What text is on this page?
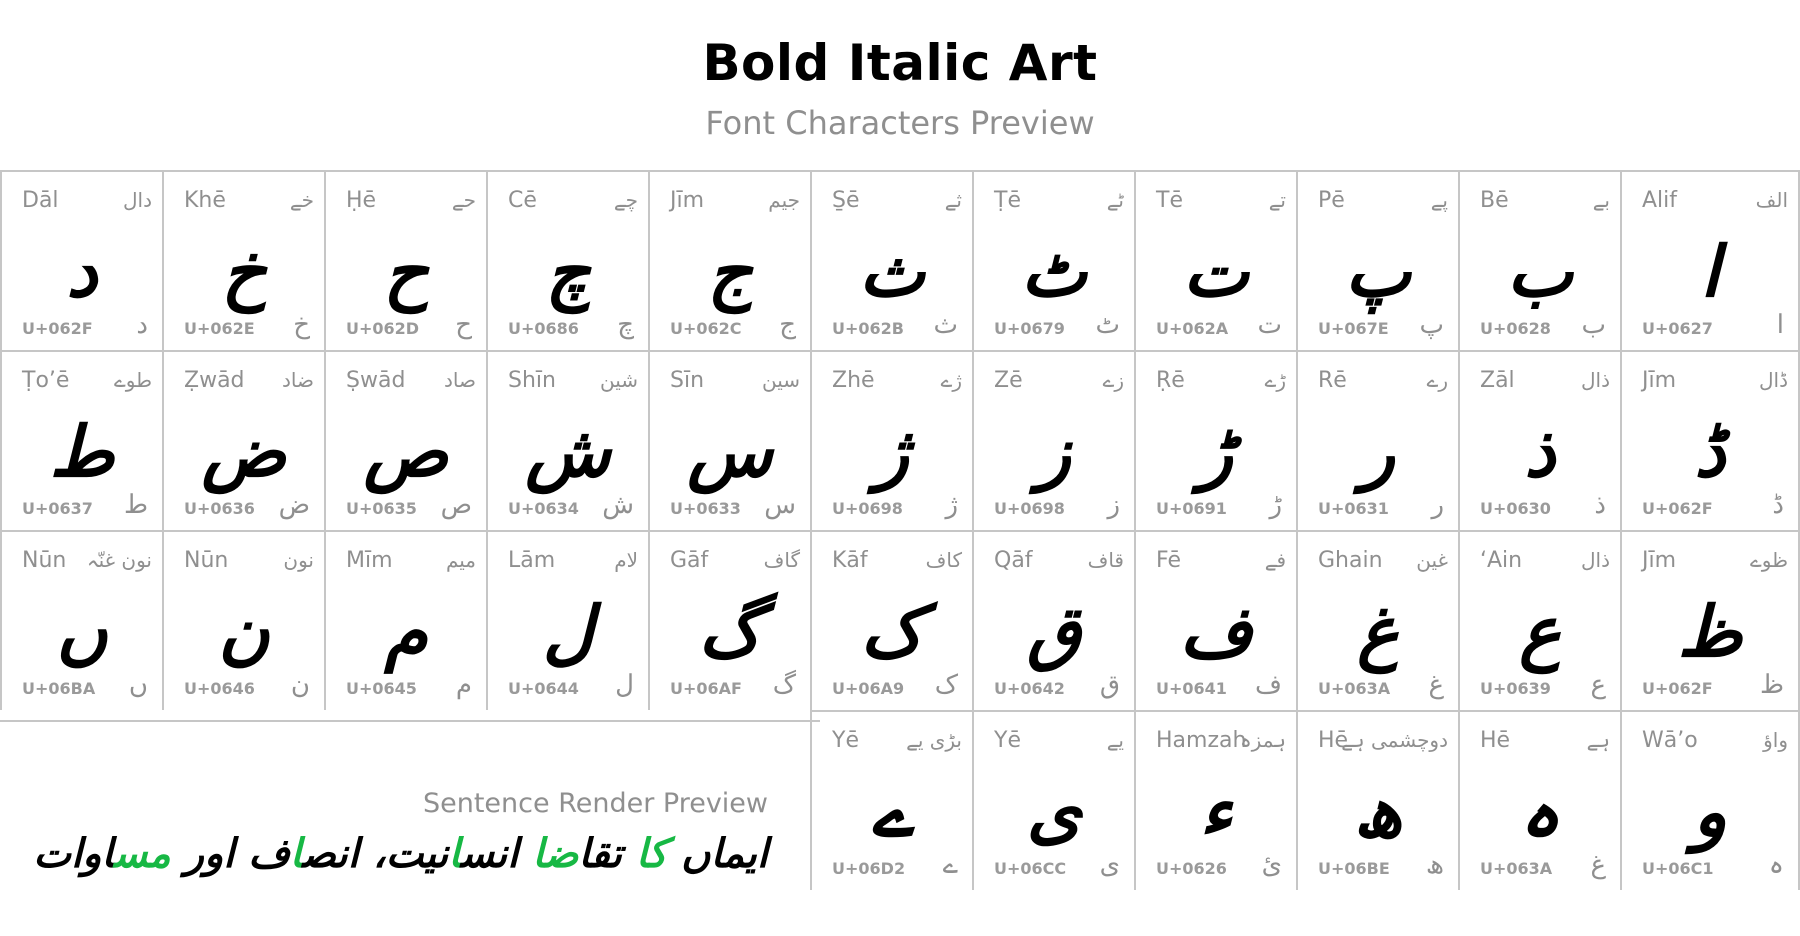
Bold Italic Art
Font Characters Preview
Dāl	دال
د
U+062F د
Khē	خے
خ
U+062E خ
Ḥē	حے
ح
U+062D ح
Cē	چے
چ
U+0686 چ
Jīm	جیم
ج
U+062C ج
S̱ē	ثے
ث
U+062B ث
Ṭē	ٹے
ٹ
U+0679 ٹ
Tē	تے
ت
U+062A ت
Pē	پے
پ
U+067E پ
Bē	بے
ب
U+0628 ب
Alif	الف
ا
U+0627 ا
Ṭo’ē طوے
ط
U+0637 ط
Ẓwād ضاد
ض
U+0636 ض
Ṣwād صاد
ص
U+0635 ص
Shīn شین
ش
U+0634 ش
Sīn	سین
س
U+0633 س
Zhē	ژے
ژ
U+0698 ژ
Zē	زے
ز
U+0698 ز
Ṛē	ڑے
ڑ
U+0691 ڑ
Rē	رے
ر
U+0631 ر
Zāl	ذال
ذ
U+0630 ذ
Jīm	ڈال
ڈ
U+062F ڈ
Nūn نون غنّہ
ں
U+06BA ں
Nūn	نون
ن
U+0646 ن
Mīm	میم
م
U+0645 م
Lām	لام
ل
U+0644 ل
Gāf	گاف
گ
U+06AF گ
Kāf	کاف
ک
U+06A9 ک
Qāf	قاف
ق
U+0642 ق
Fē	فے
ف
U+0641 ف
Ghain غین
غ
U+063A غ
‘Ain	ذال
ع
U+0639 ع
Jīm	ظوے
ظ
U+062F ظ
Yē بڑی یے
ے
U+06D2 ے
Yē	یے
ی
U+06CC ی
Hamzah
ہمزہ
ء
U+0626 ئ
Hē
دوچشمی ہے
ھ
U+06BE ھ
Hē	ہے
ہ
U+063A غ
Wā’o	واؤ
و
U+06C1 ہ
Sentence Render Preview
ایماں کا تقاضا انسانیت، انصاف اور مساوات
